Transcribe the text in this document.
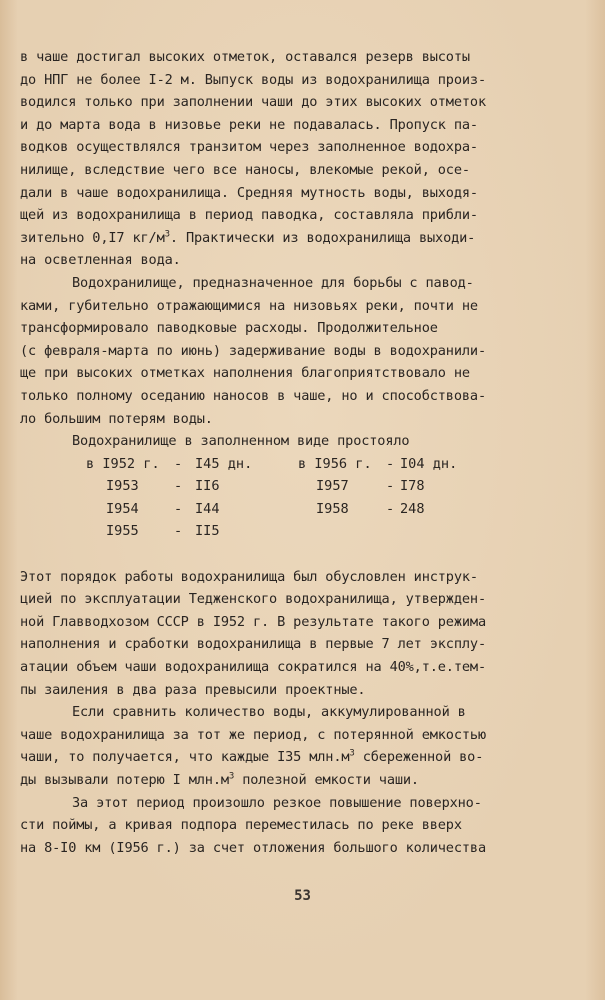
в чаше достигал высоких отметок, оставался резерв высоты
до НПГ не более I-2 м. Выпуск воды из водохранилища произ-
водился только при заполнении чаши до этих высоких отметок
и до марта вода в низовье реки не подавалась. Пропуск па-
водков осуществлялся транзитом через заполненное водохра-
нилище, вследствие чего все наносы, влекомые рекой, осе-
дали в чаше водохранилища. Средняя мутность воды, выходя-
щей из водохранилища в период паводка, составляла прибли-
зительно 0,I7 $кг/м^3$. Практически из водохранилища выходи-
на осветленная вода.
Водохранилище, предназначенное для борьбы с павод-
ками, губительно отражающимися на низовьях реки, почти не
трансформировало паводковые расходы. Продолжительное
(с февраля-марта по июнь) задерживание воды в водохранили-
ще при высоких отметках наполнения благоприятствовало не
только полному оседанию наносов в чаше, но и способствова-
ло большим потерям воды.
Водохранилище в заполненном виде простояло
в I952 г. - I45 дн.
I953	- II6
I954	- I44
I955	- II5
в I956 г. - I04 дн.
I957	- I78
I958	- 248
Этот порядок работы водохранилища был обусловлен инструк-
цией по эксплуатации Теджeнского водохранилища, утвержден-
ной Главводхозом СССР в I952 г. В результате такого режима
наполнения и сработки водохранилища в первые 7 лет эксплу-
атации объем чаши водохранилища сократился на 40%,т.е.тем-
пы заиления в два раза превысили проектные.
Если сравнить количество воды, аккумулированной в
чаше водохранилища за тот же период, с потерянной емкостью
чаши, то получается, что каждые I35 $млн.м^3$ сбереженной во-
ды вызывали потерю I $млн.м^3$ полезной емкости чаши.
За этот период произошло резкое повышение поверхно-
сти поймы, а кривая подпора переместилась по реке вверх
на 8-I0 км (I956 г.) за счет отложения большого количества
53
